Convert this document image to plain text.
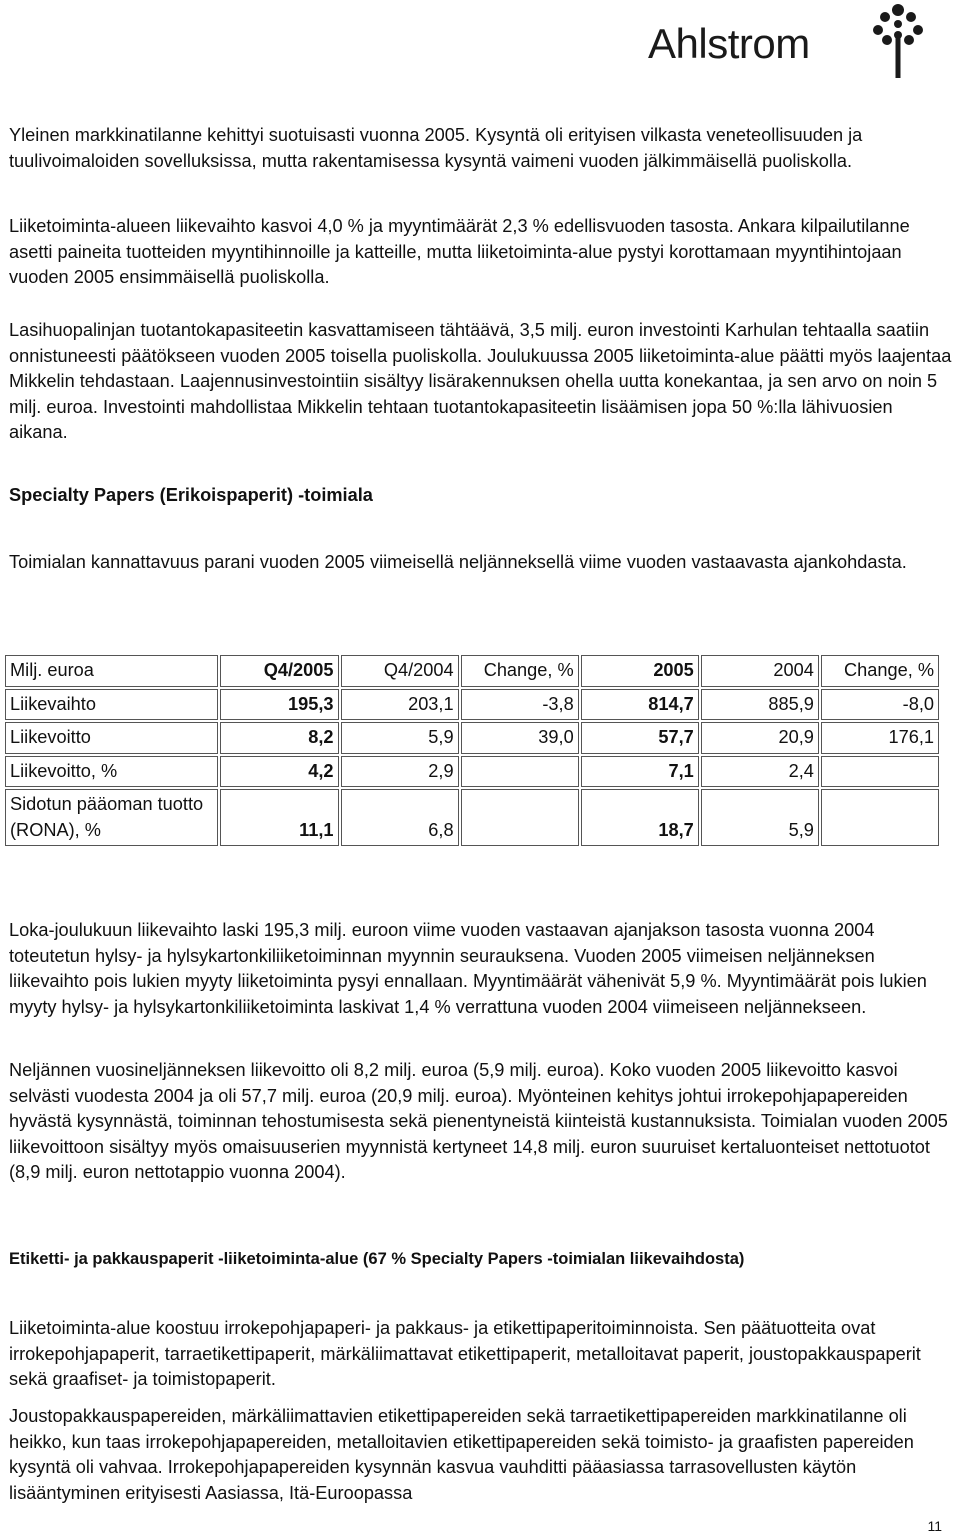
Ahlstrom

Yleinen markkinatilanne kehittyi suotuisasti vuonna 2005. Kysyntä oli erityisen vilkasta veneteollisuuden ja tuulivoimaloiden sovelluksissa, mutta rakentamisessa kysyntä vaimeni vuoden jälkimmäisellä puoliskolla.

Liiketoiminta-alueen liikevaihto kasvoi 4,0 % ja myyntimäärät 2,3 % edellisvuoden tasosta. Ankara kilpailutilanne asetti paineita tuotteiden myyntihinnoille ja katteille, mutta liiketoiminta-alue pystyi korottamaan myyntihintojaan vuoden 2005 ensimmäisellä puoliskolla.

Lasihuopalinjan tuotantokapasiteetin kasvattamiseen tähtäävä, 3,5 milj. euron investointi Karhulan tehtaalla saatiin onnistuneesti päätökseen vuoden 2005 toisella puoliskolla. Joulukuussa 2005 liiketoiminta-alue päätti myös laajentaa Mikkelin tehdastaan. Laajennusinvestointiin sisältyy lisärakennuksen ohella uutta konekantaa, ja sen arvo on noin 5 milj. euroa. Investointi mahdollistaa Mikkelin tehtaan tuotantokapasiteetin lisäämisen jopa 50 %:lla lähivuosien aikana.

Specialty Papers (Erikoispaperit) -toimiala

Toimialan kannattavuus parani vuoden 2005 viimeisellä neljänneksellä viime vuoden vastaavasta ajankohdasta.

Milj. euroa	Q4/2005	Q4/2004	Change, %	2005	2004	Change, %
Liikevaihto	195,3	203,1	-3,8	814,7	885,9	-8,0
Liikevoitto	8,2	5,9	39,0	57,7	20,9	176,1
Liikevoitto, %	4,2	2,9		7,1	2,4	
Sidotun pääoman tuotto (RONA), %	11,1	6,8		18,7	5,9	

Loka-joulukuun liikevaihto laski 195,3 milj. euroon viime vuoden vastaavan ajanjakson tasosta vuonna 2004 toteutetun hylsy- ja hylsykartonkiliiketoiminnan myynnin seurauksena. Vuoden 2005 viimeisen neljänneksen liikevaihto pois lukien myyty liiketoiminta pysyi ennallaan. Myyntimäärät vähenivät 5,9 %. Myyntimäärät pois lukien myyty hylsy- ja hylsykartonkiliiketoiminta laskivat 1,4 % verrattuna vuoden 2004 viimeiseen neljännekseen.

Neljännen vuosineljänneksen liikevoitto oli 8,2 milj. euroa (5,9 milj. euroa). Koko vuoden 2005 liikevoitto kasvoi selvästi vuodesta 2004 ja oli 57,7 milj. euroa (20,9 milj. euroa). Myönteinen kehitys johtui irrokepohjapapereiden hyvästä kysynnästä, toiminnan tehostumisesta sekä pienentyneistä kiinteistä kustannuksista. Toimialan vuoden 2005 liikevoittoon sisältyy myös omaisuuserien myynnistä kertyneet 14,8 milj. euron suuruiset kertaluonteiset nettotuotot (8,9 milj. euron nettotappio vuonna 2004).

Etiketti- ja pakkauspaperit -liiketoiminta-alue (67 % Specialty Papers -toimialan liikevaihdosta)

Liiketoiminta-alue koostuu irrokepohjapaperi- ja pakkaus- ja etikettipaperitoiminnoista. Sen päätuotteita ovat irrokepohjapaperit, tarraetikettipaperit, märkäliimattavat etikettipaperit, metalloitavat paperit, joustopakkauspaperit sekä graafiset- ja toimistopaperit.

Joustopakkauspapereiden, märkäliimattavien etikettipapereiden sekä tarraetikettipapereiden markkinatilanne oli heikko, kun taas irrokepohjapapereiden, metalloitavien etikettipapereiden sekä toimisto- ja graafisten papereiden kysyntä oli vahvaa. Irrokepohjapapereiden kysynnän kasvua vauhditti pääasiassa tarrasovellusten käytön lisääntyminen erityisesti Aasiassa, Itä-Euroopassa

11
